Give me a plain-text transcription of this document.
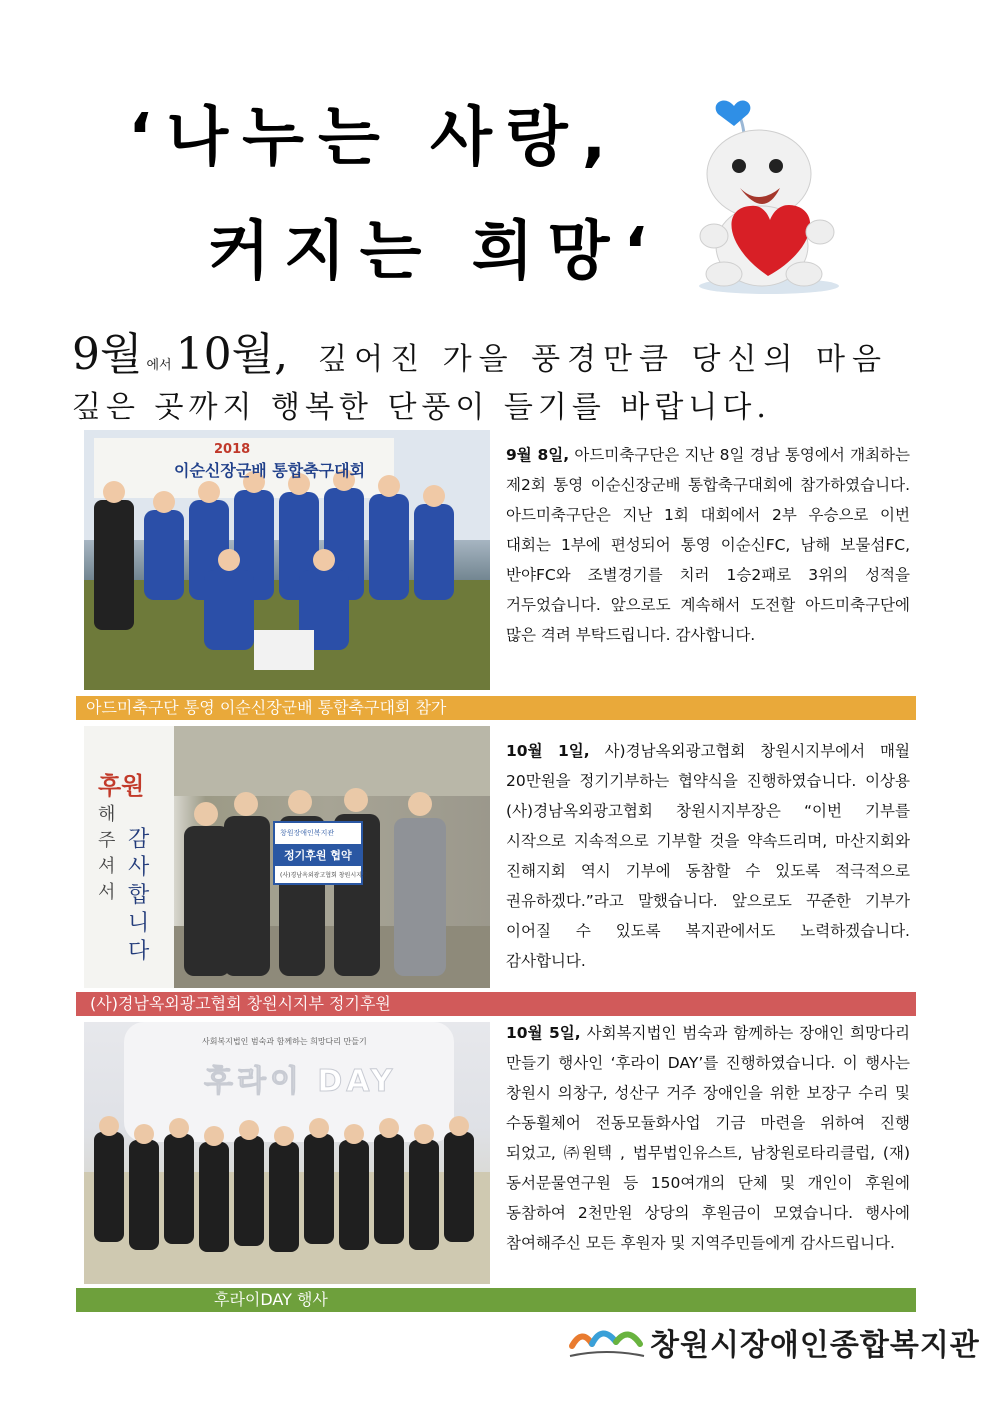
‘나누는 사랑,
커지는 희망‘
9월 에서10월, 깊어진 가을 풍경만큼 당신의 마음
깊은 곳까지 행복한 단풍이 들기를 바랍니다.
2018
이순신장군배 통합축구대회
아드미축구단 통영 이순신장군배 통합축구대회 참가
9월 8일, 아드미축구단은 지난 8일 경남 통영에서 개최하는 제2회 통영 이순신장군배 통합축구대회에 참가하였습니다. 아드미축구단은 지난 1회 대회에서 2부 우승으로 이번 대회는 1부에 편성되어 통영 이순신FC, 남해 보물섬FC, 반야FC와 조별경기를 치러 1승2패로 3위의 성적을 거두었습니다. 앞으로도 계속해서 도전할 아드미축구단에 많은 격려 부탁드립니다. 감사합니다.
후원
해 주셔서
감사합니다
창원장애인복지관
정기후원 협약
(사)경남옥외광고협회 창원시지부
(사)경남옥외광고협회 창원시지부 정기후원
10월 1일, 사)경남옥외광고협회 창원시지부에서 매월 20만원을 정기기부하는 협약식을 진행하였습니다. 이상용 (사)경남옥외광고협회 창원시지부장은 “이번 기부를 시작으로 지속적으로 기부할 것을 약속드리며, 마산지회와 진해지회 역시 기부에 동참할 수 있도록 적극적으로 권유하겠다.”라고 말했습니다. 앞으로도 꾸준한 기부가 이어질 수 있도록 복지관에서도 노력하겠습니다. 감사합니다.
사회복지법인 범숙과 함께하는 희망다리 만들기
후라이 DAY
후라이DAY 행사
10월 5일, 사회복지법인 범숙과 함께하는 장애인 희망다리 만들기 행사인 ‘후라이 DAY’를 진행하였습니다. 이 행사는 창원시 의창구, 성산구 거주 장애인을 위한 보장구 수리 및 수동휠체어 전동모듈화사업 기금 마련을 위하여 진행 되었고, ㈜원텍 , 법무법인유스트, 남창원로타리클럽, (재)동서문물연구원 등 150여개의 단체 및 개인이 후원에 동참하여 2천만원 상당의 후원금이 모였습니다. 행사에 참여해주신 모든 후원자 및 지역주민들에게 감사드립니다.
창원시장애인종합복지관
